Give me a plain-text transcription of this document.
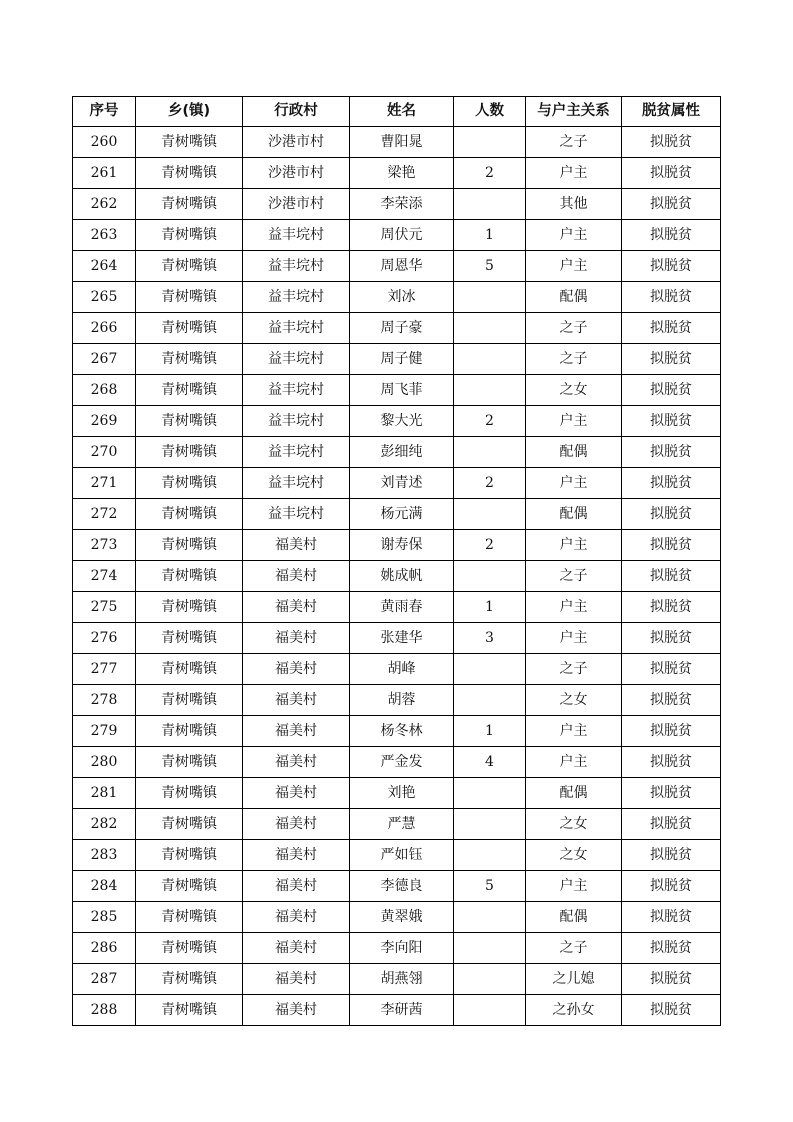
序号	乡(镇)	行政村	姓名	人数	与户主关系	脱贫属性
260	青树嘴镇	沙港市村	曹阳晁		之子	拟脱贫
261	青树嘴镇	沙港市村	梁艳	2	户主	拟脱贫
262	青树嘴镇	沙港市村	李荣添		其他	拟脱贫
263	青树嘴镇	益丰垸村	周伏元	1	户主	拟脱贫
264	青树嘴镇	益丰垸村	周恩华	5	户主	拟脱贫
265	青树嘴镇	益丰垸村	刘冰		配偶	拟脱贫
266	青树嘴镇	益丰垸村	周子豪		之子	拟脱贫
267	青树嘴镇	益丰垸村	周子健		之子	拟脱贫
268	青树嘴镇	益丰垸村	周飞菲		之女	拟脱贫
269	青树嘴镇	益丰垸村	黎大光	2	户主	拟脱贫
270	青树嘴镇	益丰垸村	彭细纯		配偶	拟脱贫
271	青树嘴镇	益丰垸村	刘青述	2	户主	拟脱贫
272	青树嘴镇	益丰垸村	杨元满		配偶	拟脱贫
273	青树嘴镇	福美村	谢寿保	2	户主	拟脱贫
274	青树嘴镇	福美村	姚成帆		之子	拟脱贫
275	青树嘴镇	福美村	黄雨春	1	户主	拟脱贫
276	青树嘴镇	福美村	张建华	3	户主	拟脱贫
277	青树嘴镇	福美村	胡峰		之子	拟脱贫
278	青树嘴镇	福美村	胡蓉		之女	拟脱贫
279	青树嘴镇	福美村	杨冬林	1	户主	拟脱贫
280	青树嘴镇	福美村	严金发	4	户主	拟脱贫
281	青树嘴镇	福美村	刘艳		配偶	拟脱贫
282	青树嘴镇	福美村	严慧		之女	拟脱贫
283	青树嘴镇	福美村	严如钰		之女	拟脱贫
284	青树嘴镇	福美村	李德良	5	户主	拟脱贫
285	青树嘴镇	福美村	黄翠娥		配偶	拟脱贫
286	青树嘴镇	福美村	李向阳		之子	拟脱贫
287	青树嘴镇	福美村	胡燕翎		之儿媳	拟脱贫
288	青树嘴镇	福美村	李研茜		之孙女	拟脱贫
